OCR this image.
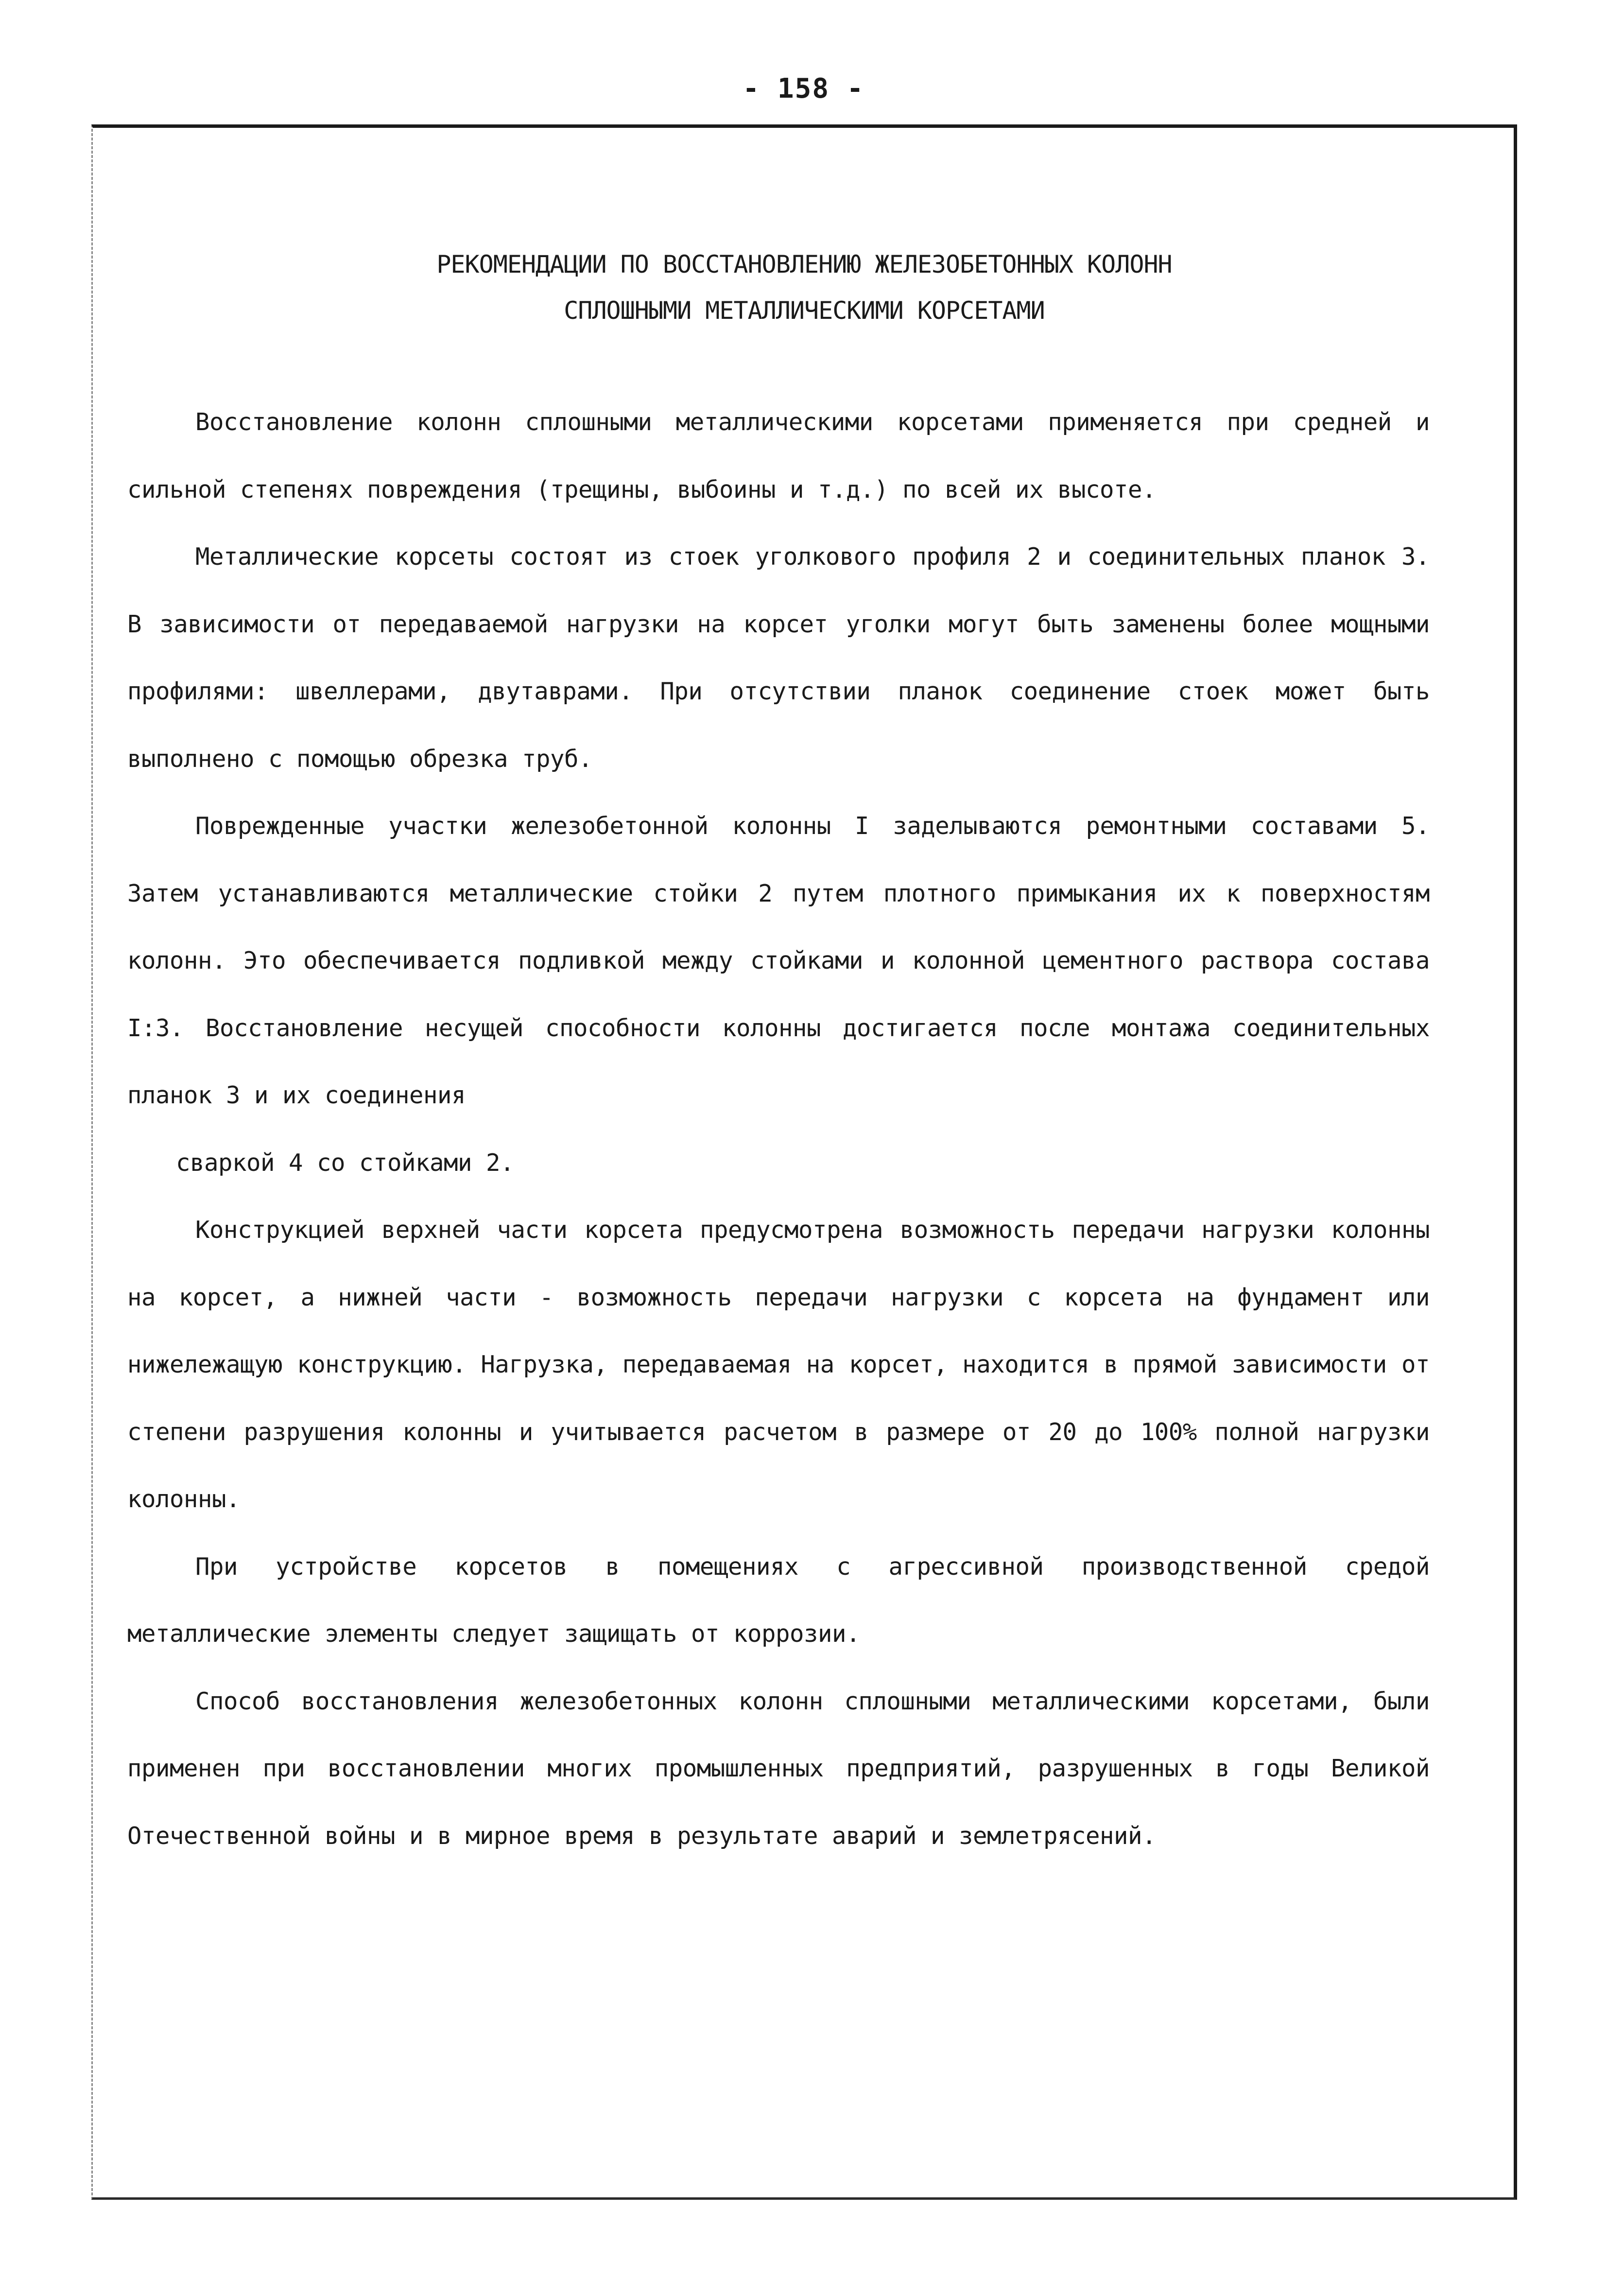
- 158 -
РЕКОМЕНДАЦИИ ПО ВОССТАНОВЛЕНИЮ ЖЕЛЕЗОБЕТОННЫХ КОЛОНН
СПЛОШНЫМИ МЕТАЛЛИЧЕСКИМИ КОРСЕТАМИ

Восстановление колонн сплошными металлическими корсетами применяется при средней и сильной степенях повреждения (трещины, выбоины и т.д.) по всей их высоте.

Металлические корсеты состоят из стоек уголкового профиля 2 и соединительных планок 3. В зависимости от передаваемой нагрузки на корсет уголки могут быть заменены более мощными профилями: швеллерами, двутаврами. При отсутствии планок соединение стоек может быть выполнено с помощью обрезка труб.

Поврежденные участки железобетонной колонны I заделываются ремонтными составами 5. Затем устанавливаются металлические стойки 2 путем плотного примыкания их к поверхностям колонн. Это обеспечивается подливкой между стойками и колонной цементного раствора состава I:3. Восстановление несущей способности колонны достигается после монтажа соединительных планок 3 и их соединения

сваркой 4 со стойками 2.

Конструкцией верхней части корсета предусмотрена возможность передачи нагрузки колонны на корсет, а нижней части - возможность передачи нагрузки с корсета на фундамент или нижележащую конструкцию. Нагрузка, передаваемая на корсет, находится в прямой зависимости от степени разрушения колонны и учитывается расчетом в размере от 20 до 100% полной нагрузки колонны.

При устройстве корсетов в помещениях с агрессивной производственной средой металлические элементы следует защищать от коррозии.

Способ восстановления железобетонных колонн сплошными металлическими корсетами, были применен при восстановлении многих промышленных предприятий, разрушенных в годы Великой Отечественной войны и в мирное время в результате аварий и землетрясений.
